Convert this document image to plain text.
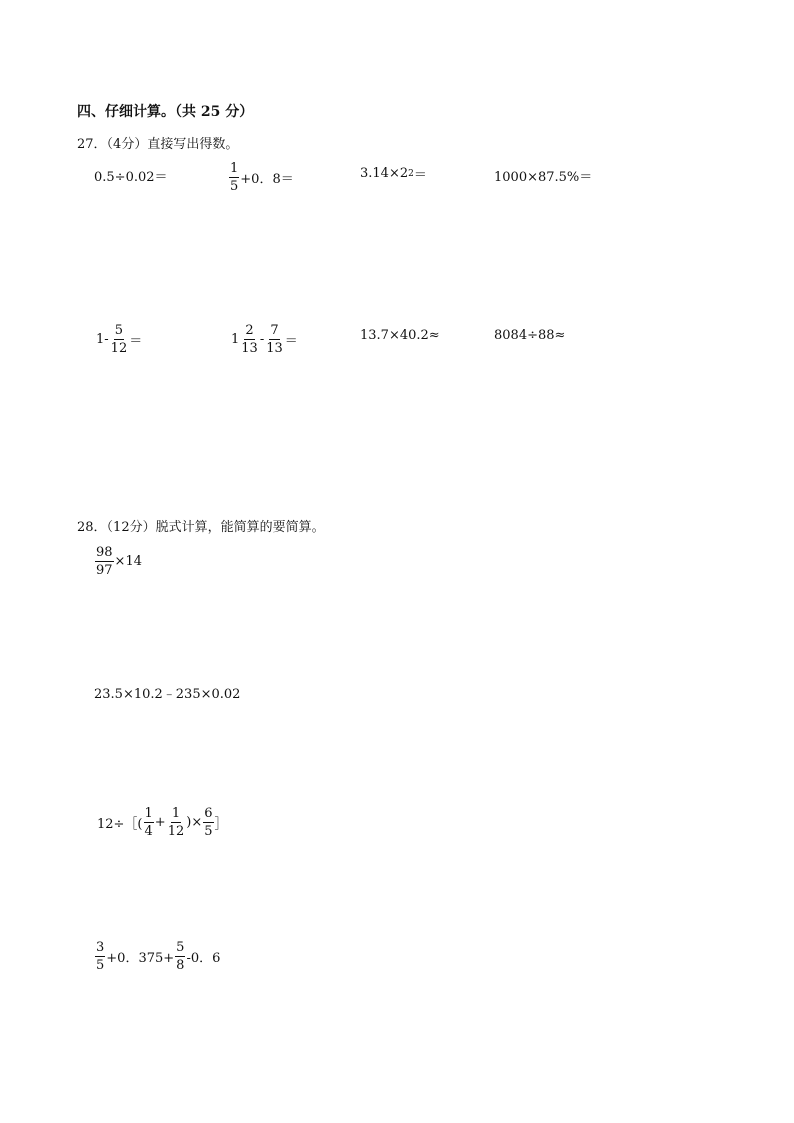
四、仔细计算。（共 25 分）
27．（4分）直接写出得数。
0.5÷0.02＝	$\frac{1}{5} +0$．8＝	3.14×2 2 ＝	1000×87.5%＝
$1- \frac{5}{12}$ ＝	$1 \frac{2}{13} - \frac{7}{13}$ ＝	13.7×40.2≈	8084÷88≈
28．（12分）脱式计算，能简算的要简算。
$\frac{98}{97} \times 14$
23.5×10.2﹣235×0.02
12÷［( $\frac{1}{4} + \frac{1}{12}$ )× $\frac{6}{5}$ ］
$\frac{3}{5} +0$．$375+ \frac{5}{8} -0$．6
